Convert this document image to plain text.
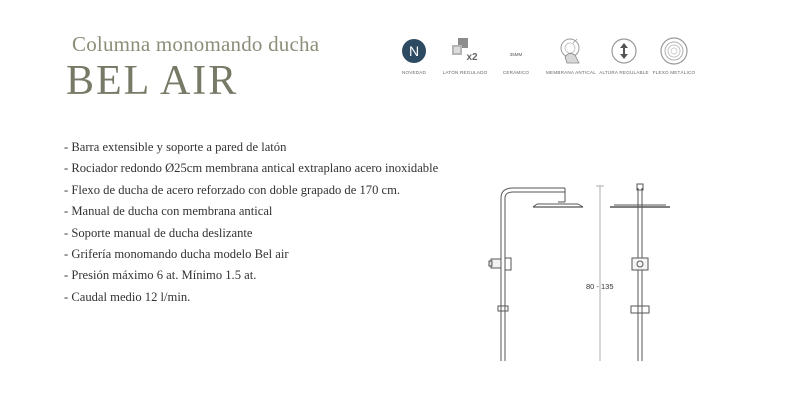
Columna monomando ducha
BEL AIR
N
NOVEDAD
x2
LATÓN REGULADO
35MM
CERÁMICO	MEMBRANA ANTICAL ALTURA REGULABLE FLEXO METÁLICO
- Barra extensible y soporte a pared de latón
- Rociador redondo Ø25cm membrana antical extraplano acero inoxidable
- Flexo de ducha de acero reforzado con doble grapado de 170 cm.
- Manual de ducha con membrana antical
- Soporte manual de ducha deslizante
- Grifería monomando ducha modelo Bel air
- Presión máximo 6 at. Mínimo 1.5 at.
- Caudal medio 12 l/min.
80 - 135
